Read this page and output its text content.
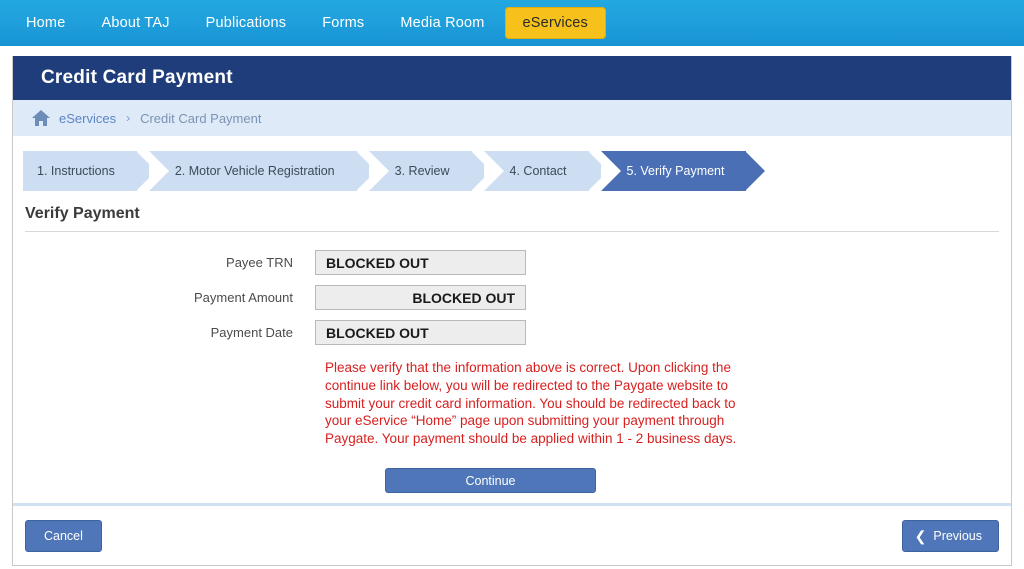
Home	About TAJ	Publications	Forms	Media Room	eServices
Credit Card Payment
eServices › Credit Card Payment
1. Instructions	2. Motor Vehicle Registration	3. Review	4. Contact	5. Verify Payment
Verify Payment
Payee TRN	BLOCKED OUT
Payment Amount	BLOCKED OUT
Payment Date	BLOCKED OUT
Please verify that the information above is correct. Upon clicking the continue link below, you will be redirected to the Paygate website to submit your credit card information. You should be redirected back to your eService “Home” page upon submitting your payment through Paygate. Your payment should be applied within 1 - 2 business days.
Continue
Cancel	❮ Previous
